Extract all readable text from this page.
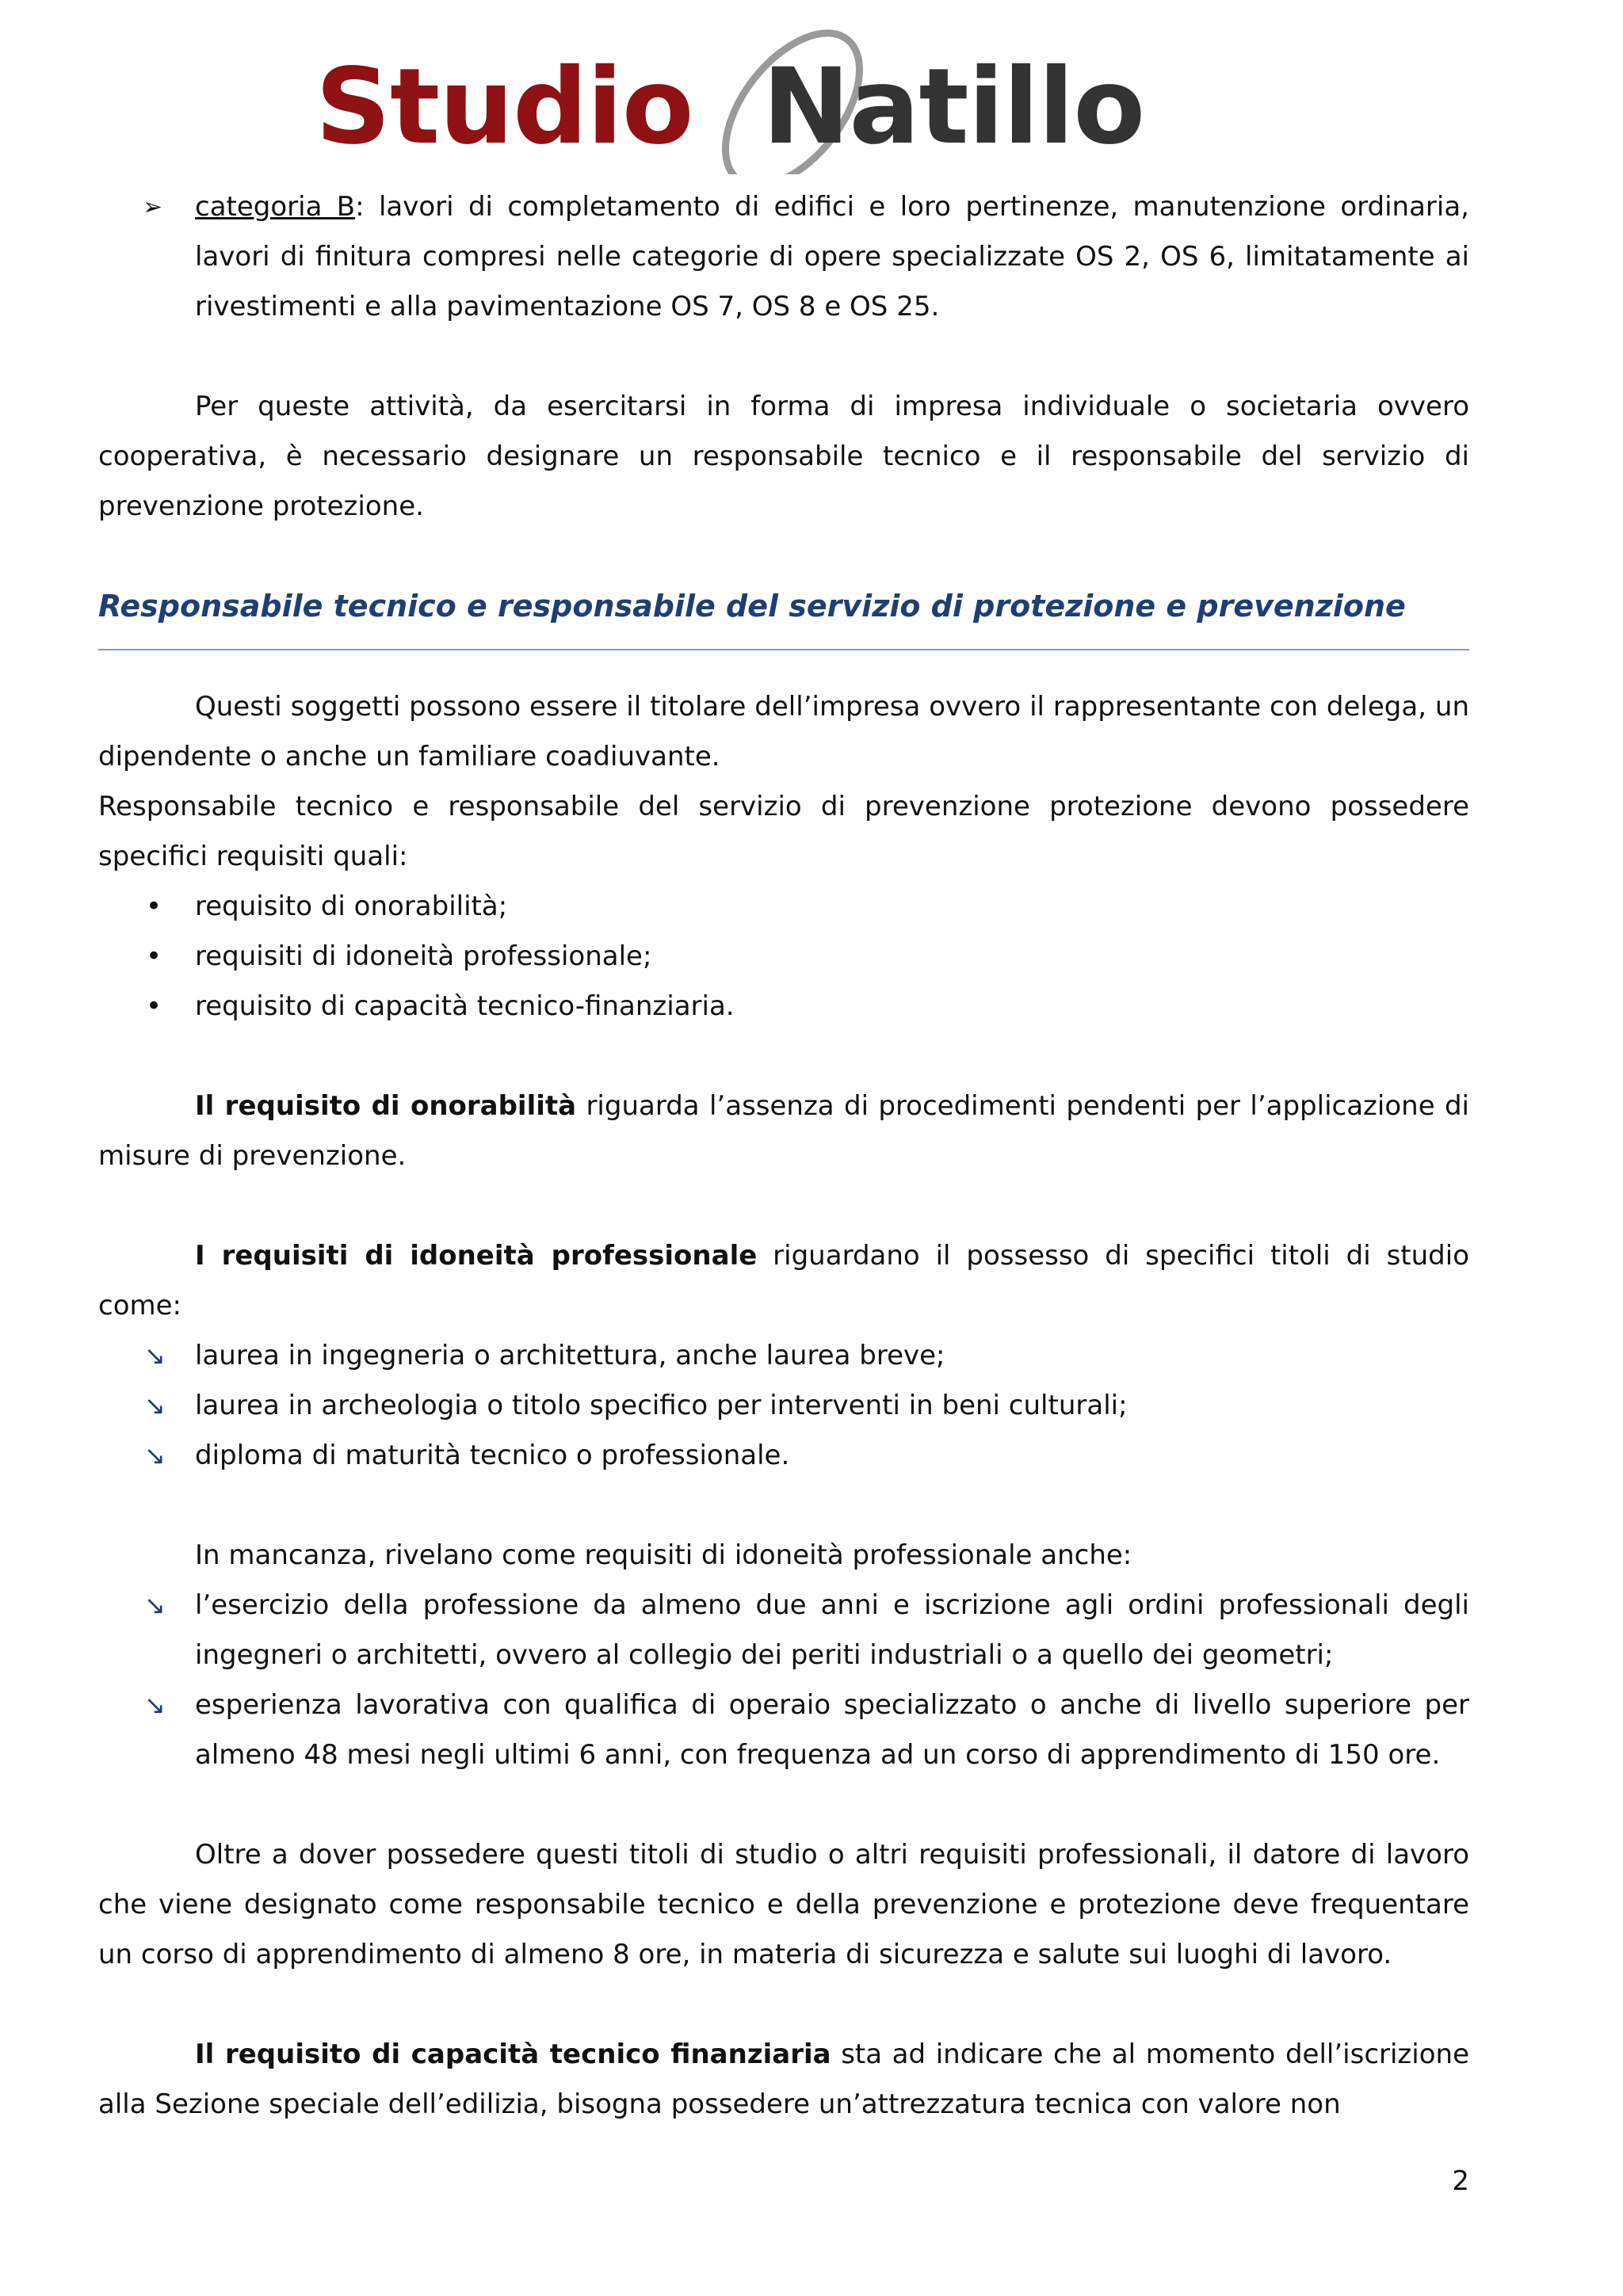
Studio Natillo
➢ categoria B: lavori di completamento di edifici e loro pertinenze, manutenzione ordinaria, lavori di finitura compresi nelle categorie di opere specializzate OS 2, OS 6, limitatamente ai rivestimenti e alla pavimentazione OS 7, OS 8 e OS 25.

Per queste attività, da esercitarsi in forma di impresa individuale o societaria ovvero cooperativa, è necessario designare un responsabile tecnico e il responsabile del servizio di prevenzione protezione.

Responsabile tecnico e responsabile del servizio di protezione e prevenzione

Questi soggetti possono essere il titolare dell’impresa ovvero il rappresentante con delega, un dipendente o anche un familiare coadiuvante.

Responsabile tecnico e responsabile del servizio di prevenzione protezione devono possedere specifici requisiti quali:

• requisito di onorabilità;
• requisiti di idoneità professionale;
• requisito di capacità tecnico-finanziaria.

Il requisito di onorabilità riguarda l’assenza di procedimenti pendenti per l’applicazione di misure di prevenzione.

I requisiti di idoneità professionale riguardano il possesso di specifici titoli di studio come:

↘ laurea in ingegneria o architettura, anche laurea breve;
↘ laurea in archeologia o titolo specifico per interventi in beni culturali;
↘ diploma di maturità tecnico o professionale.

In mancanza, rivelano come requisiti di idoneità professionale anche:

↘ l’esercizio della professione da almeno due anni e iscrizione agli ordini professionali degli ingegneri o architetti, ovvero al collegio dei periti industriali o a quello dei geometri;
↘ esperienza lavorativa con qualifica di operaio specializzato o anche di livello superiore per almeno 48 mesi negli ultimi 6 anni, con frequenza ad un corso di apprendimento di 150 ore.

Oltre a dover possedere questi titoli di studio o altri requisiti professionali, il datore di lavoro che viene designato come responsabile tecnico e della prevenzione e protezione deve frequentare un corso di apprendimento di almeno 8 ore, in materia di sicurezza e salute sui luoghi di lavoro.

Il requisito di capacità tecnico finanziaria sta ad indicare che al momento dell’iscrizione alla Sezione speciale dell’edilizia, bisogna possedere un’attrezzatura tecnica con valore non

2
